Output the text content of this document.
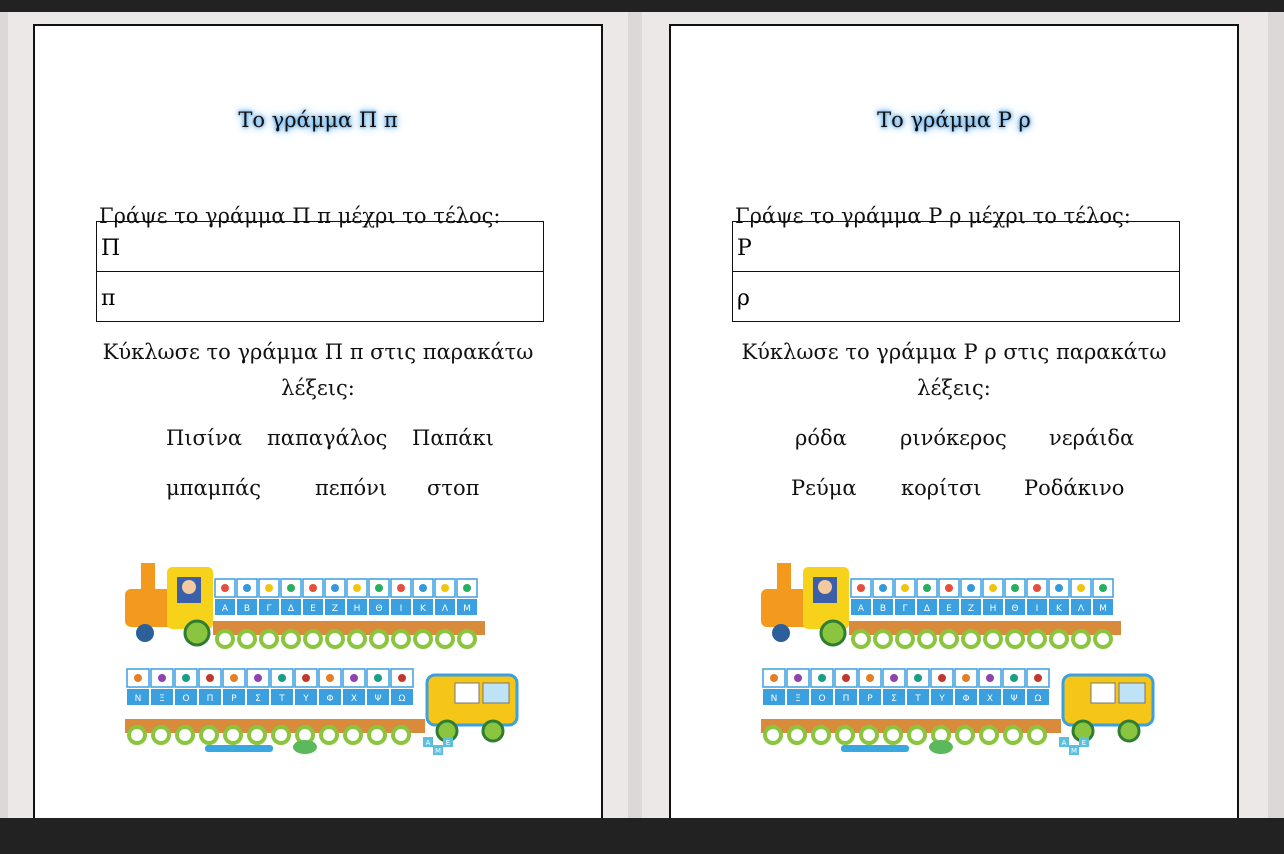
Το γράμμα Π π
Γράψε το γράμμα Π π μέχρι το τέλος:
Π
π
Κύκλωσε το γράμμα Π π στις παρακάτω
λέξεις:
Πισίνα παπαγάλος Παπάκι
μπαμπάς	πεπόνι στοπ
Α Β Γ Δ Ε Ζ Η Θ Ι Κ Λ Μ
Ν Ξ Ο Π Ρ Σ Τ Υ Φ Χ Ψ Ω
Α
Μ
Ε
Το γράμμα Ρ ρ
Γράψε το γράμμα Ρ ρ μέχρι το τέλος:
Ρ
ρ
Κύκλωσε το γράμμα Ρ ρ στις παρακάτω
λέξεις:
ρόδα	ρινόκερος νεράιδα
Ρεύμα κορίτσι Ροδάκινο
Α Β Γ Δ Ε Ζ Η Θ Ι Κ Λ Μ
Ν Ξ Ο Π Ρ Σ Τ Υ Φ Χ Ψ Ω
Α
Μ
Ε
